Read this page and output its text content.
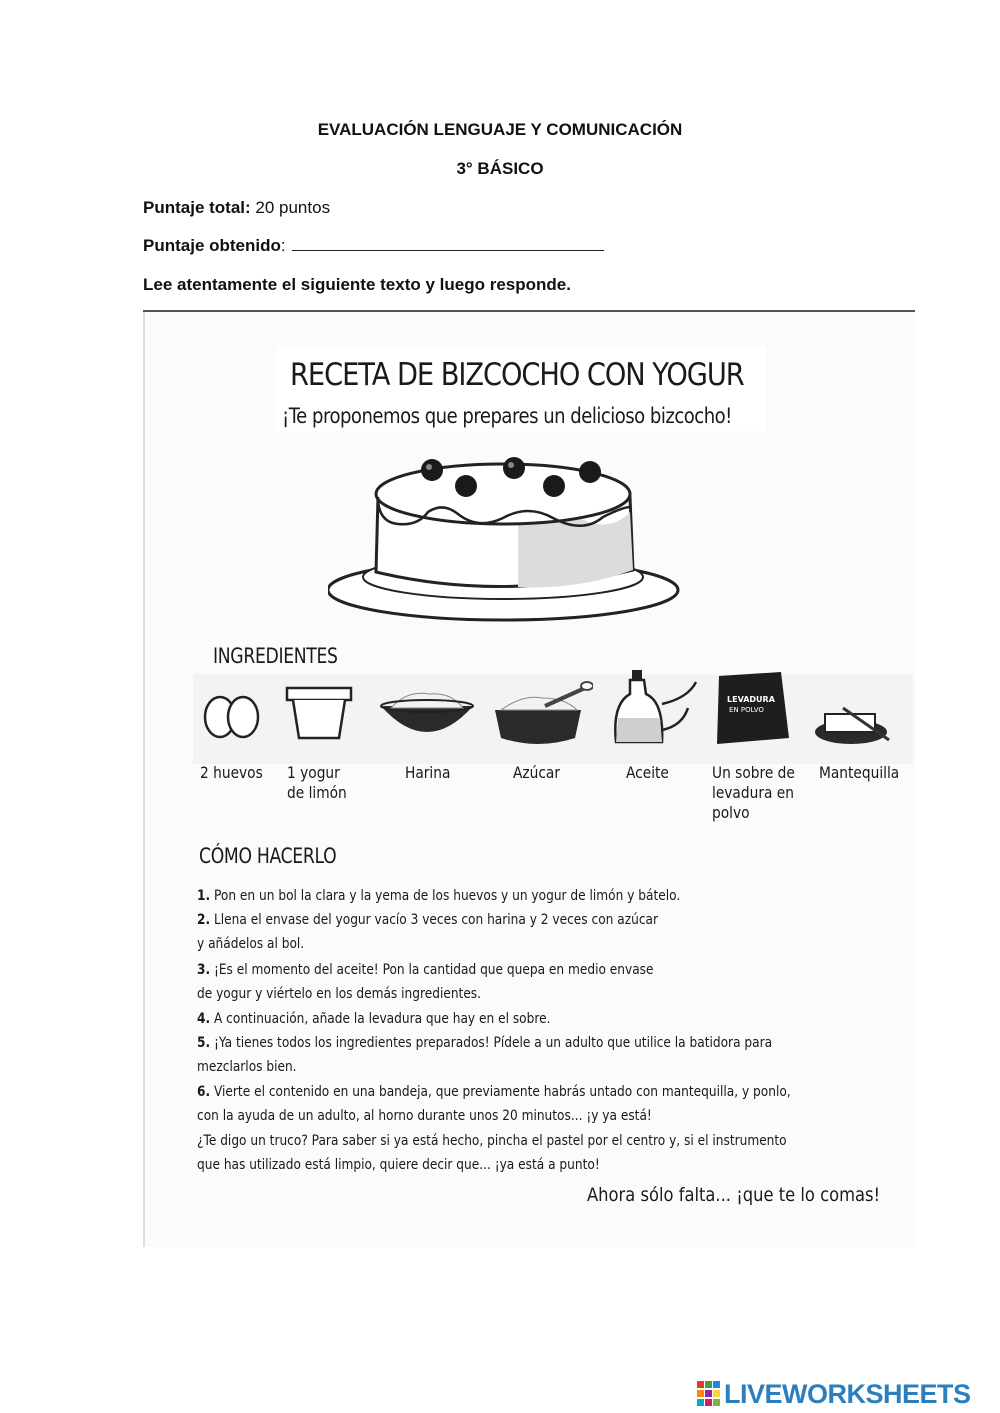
EVALUACIÓN LENGUAJE Y COMUNICACIÓN
3° BÁSICO
Puntaje total: 20 puntos
Puntaje obtenido:
Lee atentamente el siguiente texto y luego responde.
RECETA DE BIZCOCHO CON YOGUR
¡Te proponemos que prepares un delicioso bizcocho!
INGREDIENTES
LEVADURA
EN POLVO
2 huevos 1 yogur
de limón
Harina	Azúcar	Aceite	Un sobre de
levadura en
polvo
Mantequilla
CÓMO HACERLO
1. Pon en un bol la clara y la yema de los huevos y un yogur de limón y bátelo.
2. Llena el envase del yogur vacío 3 veces con harina y 2 veces con azúcar
y añádelos al bol.
3. ¡Es el momento del aceite! Pon la cantidad que quepa en medio envase
de yogur y viértelo en los demás ingredientes.
4. A continuación, añade la levadura que hay en el sobre.
5. ¡Ya tienes todos los ingredientes preparados! Pídele a un adulto que utilice la batidora para
mezclarlos bien.
6. Vierte el contenido en una bandeja, que previamente habrás untado con mantequilla, y ponlo,
con la ayuda de un adulto, al horno durante unos 20 minutos... ¡y ya está!
¿Te digo un truco? Para saber si ya está hecho, pincha el pastel por el centro y, si el instrumento
que has utilizado está limpio, quiere decir que... ¡ya está a punto!
Ahora sólo falta... ¡que te lo comas!
LIVEWORKSHEETS
